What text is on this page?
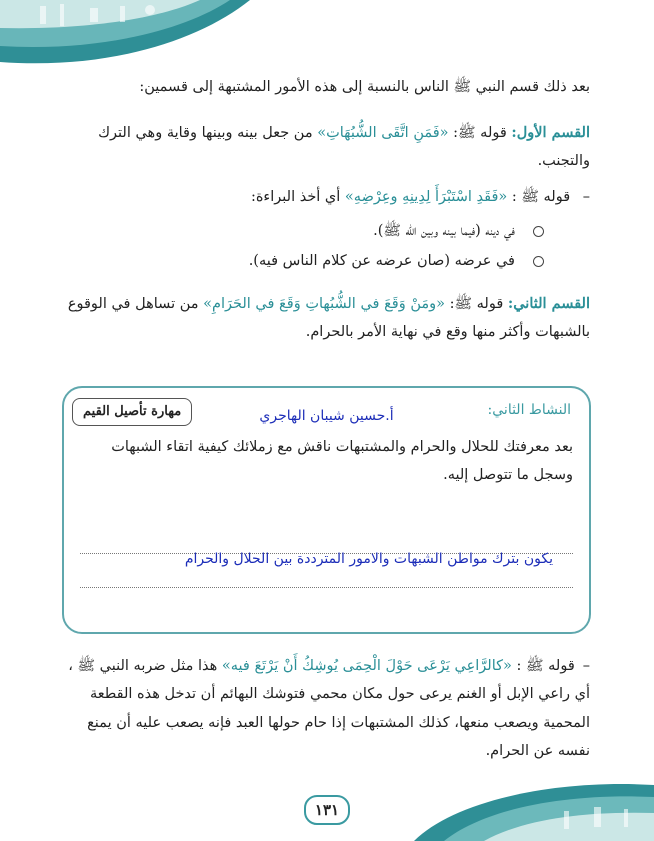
بعد ذلك قسم النبي ﷺ الناس بالنسبة إلى هذه الأمور المشتبهة إلى قسمين:
القسم الأول: قوله ﷺ: «فَمَنِ اتَّقَى الشُّبُهَاتِ» من جعل بينه وبينها وقاية وهي الترك والتجنب.
– قوله ﷺ : «فَقَدِ اسْتَبْرَأَ لِدِينِهِ وعِرْضِهِ» أي أخذ البراءة:
في دينه (فيما بينه وبين الله ﷺ).
في عرضه (صان عرضه عن كلام الناس فيه).
القسم الثاني: قوله ﷺ: «ومَنْ وَقَعَ في الشُّبُهاتِ وَقَعَ في الحَرَامِ» من تساهل في الوقوع بالشبهات وأكثر منها وقع في نهاية الأمر بالحرام.
النشاط الثاني:
أ.حسين شيبان الهاجري
مهارة تأصيل القيم
بعد معرفتك للحلال والحرام والمشتبهات ناقش مع زملائك كيفية اتقاء الشبهات وسجل ما تتوصل إليه.
يكون بترك مواطن الشبهات والامور المترددة بين الحلال والحرام
–قوله ﷺ : «كالرَّاعِي يَرْعَى حَوْلَ الْحِمَى يُوشِكُ أَنْ يَرْتَعَ فيه» هذا مثل ضربه النبي ﷺ ، أي راعي الإبل أو الغنم يرعى حول مكان محمي فتوشك البهائم أن تدخل هذه القطعة المحمية ويصعب منعها، كذلك المشتبهات إذا حام حولها العبد فإنه يصعب عليه أن يمنع نفسه عن الحرام.
١٣١
